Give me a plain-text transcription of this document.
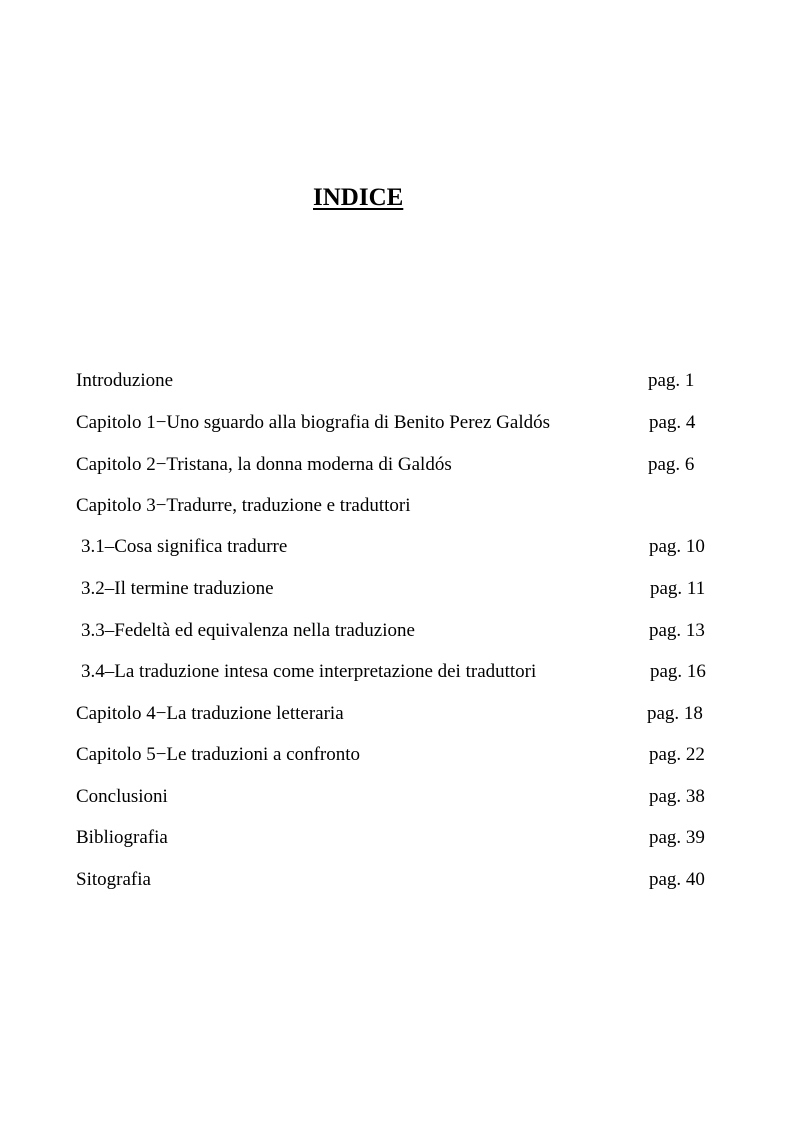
INDICE
Introduzione	pag. 1
Capitolo 1−Uno sguardo alla biografia di Benito Perez Galdós	pag. 4
Capitolo 2−Tristana, la donna moderna di Galdós	pag. 6
Capitolo 3−Tradurre, traduzione e traduttori
3.1–Cosa significa tradurre	pag. 10
3.2–Il termine traduzione	pag. 11
3.3–Fedeltà ed equivalenza nella traduzione	pag. 13
3.4–La traduzione intesa come interpretazione dei traduttori	pag. 16
Capitolo 4−La traduzione letteraria	pag. 18
Capitolo 5−Le traduzioni a confronto	pag. 22
Conclusioni	pag. 38
Bibliografia	pag. 39
Sitografia	pag. 40
